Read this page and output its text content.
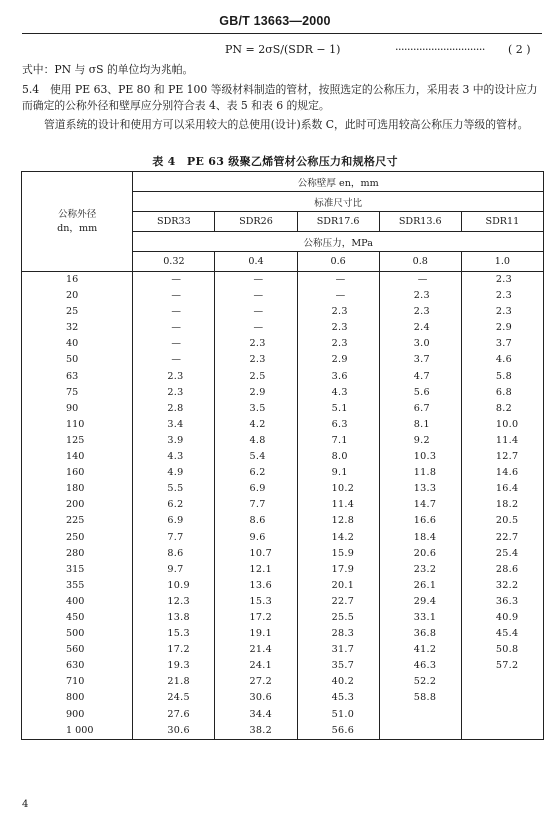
GB/T 13663—2000
PN = 2σS/(SDR − 1)	······························ ( 2 )
式中：PN 与 σS 的单位均为兆帕。
5.4　使用 PE 63、PE 80 和 PE 100 等级材料制造的管材，按照选定的公称压力，采用表 3 中的设计应力
而确定的公称外径和壁厚应分别符合表 4、表 5 和表 6 的规定。
管道系统的设计和使用方可以采用较大的总使用(设计)系数 C，此时可选用较高公称压力等级的管材。
表 4　PE 63 级聚乙烯管材公称压力和规格尺寸
公称外径
dn，mm	公称壁厚 en，mm				
	标准尺寸比				
	SDR33	SDR26	SDR17.6	SDR13.6	SDR11
	公称压力，MPa				
	0.32	0.4	0.6	0.8	1.0
16	—	—	—	—	2.3
20	—	—	—	2.3	2.3
25	—	—	2.3	2.3	2.3
32	—	—	2.3	2.4	2.9
40	—	2.3	2.3	3.0	3.7
50	—	2.3	2.9	3.7	4.6
63	2.3	2.5	3.6	4.7	5.8
75	2.3	2.9	4.3	5.6	6.8
90	2.8	3.5	5.1	6.7	8.2
110	3.4	4.2	6.3	8.1	10.0
125	3.9	4.8	7.1	9.2	11.4
140	4.3	5.4	8.0	10.3	12.7
160	4.9	6.2	9.1	11.8	14.6
180	5.5	6.9	10.2	13.3	16.4
200	6.2	7.7	11.4	14.7	18.2
225	6.9	8.6	12.8	16.6	20.5
250	7.7	9.6	14.2	18.4	22.7
280	8.6	10.7	15.9	20.6	25.4
315	9.7	12.1	17.9	23.2	28.6
355	10.9	13.6	20.1	26.1	32.2
400	12.3	15.3	22.7	29.4	36.3
450	13.8	17.2	25.5	33.1	40.9
500	15.3	19.1	28.3	36.8	45.4
560	17.2	21.4	31.7	41.2	50.8
630	19.3	24.1	35.7	46.3	57.2
710	21.8	27.2	40.2	52.2	
800	24.5	30.6	45.3	58.8	
900	27.6	34.4	51.0		
1 000	30.6	38.2	56.6		
4
